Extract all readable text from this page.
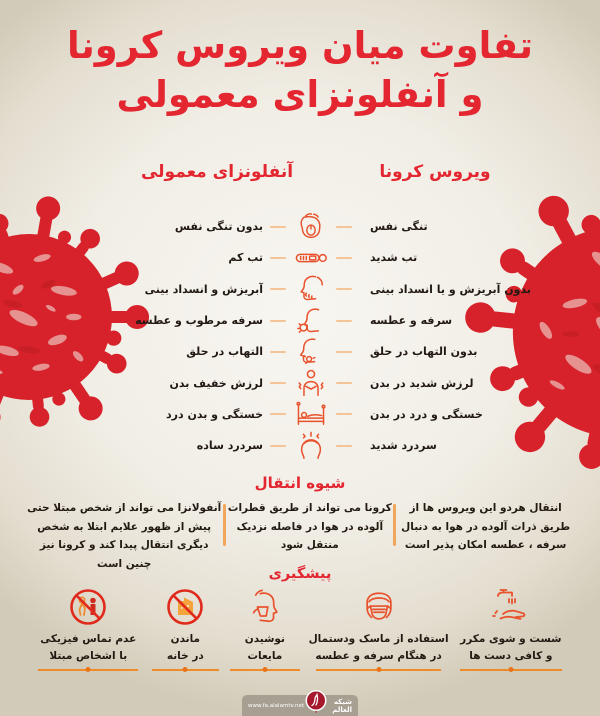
تفاوت میان ویروس کرونا
و آنفلونزای معمولی
ویروس کرونا
آنفلونزای معمولی
بدون تنگی نفس	تنگی نفس
تب کم	تب شدید
آبریزش و انسداد بینی	بدون آبریزش و یا انسداد بینی
سرفه مرطوب و عطسه	سرفه و عطسه
التهاب در حلق	بدون التهاب در حلق
لرزش خفیف بدن	لرزش شدید در بدن
خستگی و بدن درد	خستگی و درد در بدن
سردرد ساده	سردرد شدید
شیوه انتقال
انتقال هردو این ویروس ها از طریق ذرات آلوده در هوا به دنبال سرفه ، عطسه امکان پذیر است
کرونا می تواند از طریق قطرات آلوده در هوا در فاصله نزدیک منتقل شود
آنفولانزا می تواند از شخص مبتلا حتی پیش از ظهور علایم ابتلا به شخص دیگری انتقال پیدا کند و کرونا نیز چنین است
پیشگیری
شست و شوی مکرر
و کافی دست ها
استفاده از ماسک ودستمال
در هنگام سرفه و عطسه
نوشیدن
مایعات
ماندن
در خانه
عدم تماس فیزیکی
با اشخاص مبتلا
www.fa.alalamtv.net	شبکه العالم
